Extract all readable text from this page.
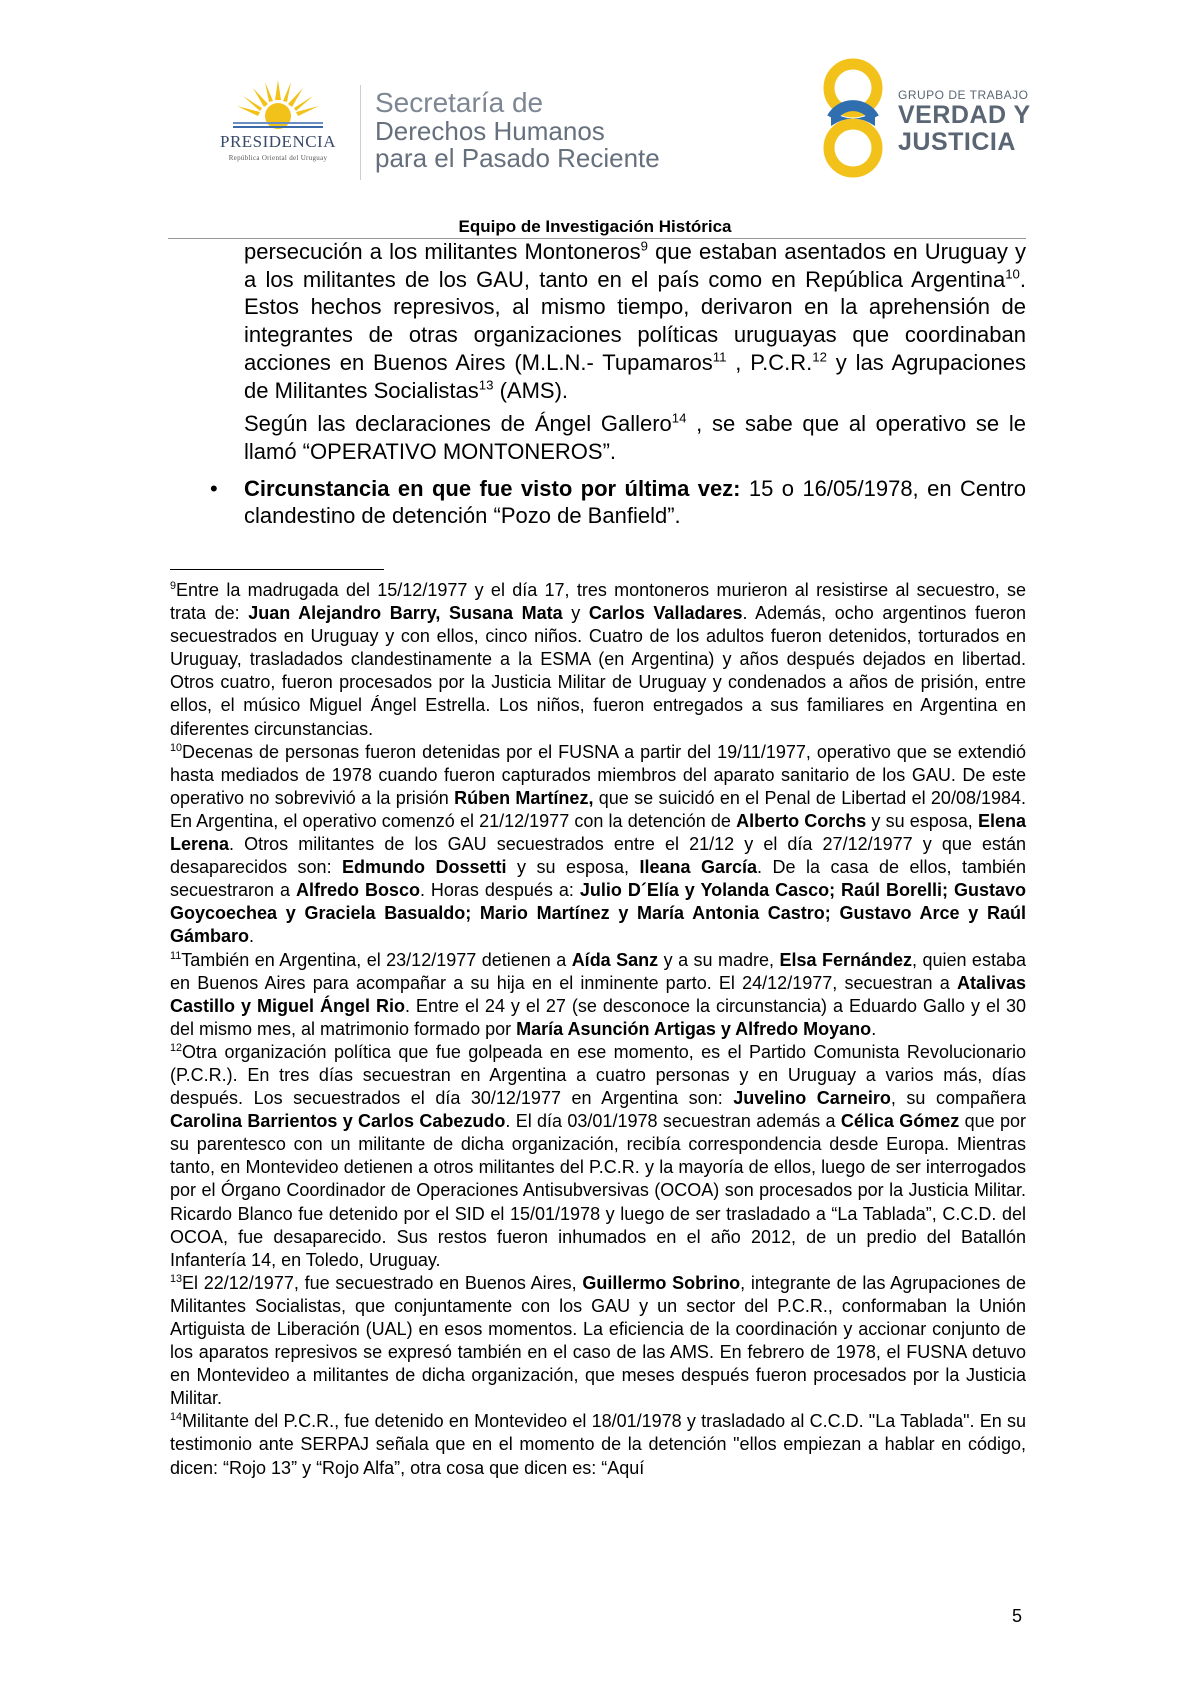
PRESIDENCIA
República Oriental del Uruguay
Secretaría de
Derechos Humanos
para el Pasado Reciente
GRUPO DE TRABAJO
VERDAD Y
JUSTICIA
Equipo de Investigación Histórica

persecución a los militantes Montoneros$^9$ que estaban asentados en Uruguay y a los militantes de los GAU, tanto en el país como en República Argentina$^{10}$. Estos hechos represivos, al mismo tiempo, derivaron en la aprehensión de integrantes de otras organizaciones políticas uruguayas que coordinaban acciones en Buenos Aires (M.L.N.- Tupamaros$^{11}$ , P.C.R.$^{12}$ y las Agrupaciones de Militantes Socialistas$^{13}$ (AMS).

Según las declaraciones de Ángel Gallero$^{14}$ , se sabe que al operativo se le llamó “OPERATIVO MONTONEROS”.

• Circunstancia en que fue visto por última vez: 15 o 16/05/1978, en Centro clandestino de detención “Pozo de Banfield”.

$^9$Entre la madrugada del 15/12/1977 y el día 17, tres montoneros murieron al resistirse al secuestro, se trata de: Juan Alejandro Barry, Susana Mata y Carlos Valladares. Además, ocho argentinos fueron secuestrados en Uruguay y con ellos, cinco niños. Cuatro de los adultos fueron detenidos, torturados en Uruguay, trasladados clandestinamente a la ESMA (en Argentina) y años después dejados en libertad. Otros cuatro, fueron procesados por la Justicia Militar de Uruguay y condenados a años de prisión, entre ellos, el músico Miguel Ángel Estrella. Los niños, fueron entregados a sus familiares en Argentina en diferentes circunstancias.

$^{10}$Decenas de personas fueron detenidas por el FUSNA a partir del 19/11/1977, operativo que se extendió hasta mediados de 1978 cuando fueron capturados miembros del aparato sanitario de los GAU. De este operativo no sobrevivió a la prisión Rúben Martínez, que se suicidó en el Penal de Libertad el 20/08/1984. En Argentina, el operativo comenzó el 21/12/1977 con la detención de Alberto Corchs y su esposa, Elena Lerena. Otros militantes de los GAU secuestrados entre el 21/12 y el día 27/12/1977 y que están desaparecidos son: Edmundo Dossetti y su esposa, Ileana García. De la casa de ellos, también secuestraron a Alfredo Bosco. Horas después a: Julio D´Elía y Yolanda Casco; Raúl Borelli; Gustavo Goycoechea y Graciela Basualdo; Mario Martínez y María Antonia Castro; Gustavo Arce y Raúl Gámbaro.

$^{11}$También en Argentina, el 23/12/1977 detienen a Aída Sanz y a su madre, Elsa Fernández, quien estaba en Buenos Aires para acompañar a su hija en el inminente parto. El 24/12/1977, secuestran a Atalivas Castillo y Miguel Ángel Rio. Entre el 24 y el 27 (se desconoce la circunstancia) a Eduardo Gallo y el 30 del mismo mes, al matrimonio formado por María Asunción Artigas y Alfredo Moyano.

$^{12}$Otra organización política que fue golpeada en ese momento, es el Partido Comunista Revolucionario (P.C.R.). En tres días secuestran en Argentina a cuatro personas y en Uruguay a varios más, días después. Los secuestrados el día 30/12/1977 en Argentina son: Juvelino Carneiro, su compañera Carolina Barrientos y Carlos Cabezudo. El día 03/01/1978 secuestran además a Célica Gómez que por su parentesco con un militante de dicha organización, recibía correspondencia desde Europa. Mientras tanto, en Montevideo detienen a otros militantes del P.C.R. y la mayoría de ellos, luego de ser interrogados por el Órgano Coordinador de Operaciones Antisubversivas (OCOA) son procesados por la Justicia Militar. Ricardo Blanco fue detenido por el SID el 15/01/1978 y luego de ser trasladado a “La Tablada”, C.C.D. del OCOA, fue desaparecido. Sus restos fueron inhumados en el año 2012, de un predio del Batallón Infantería 14, en Toledo, Uruguay.

$^{13}$El 22/12/1977, fue secuestrado en Buenos Aires, Guillermo Sobrino, integrante de las Agrupaciones de Militantes Socialistas, que conjuntamente con los GAU y un sector del P.C.R., conformaban la Unión Artiguista de Liberación (UAL) en esos momentos. La eficiencia de la coordinación y accionar conjunto de los aparatos represivos se expresó también en el caso de las AMS. En febrero de 1978, el FUSNA detuvo en Montevideo a militantes de dicha organización, que meses después fueron procesados por la Justicia Militar.

$^{14}$Militante del P.C.R., fue detenido en Montevideo el 18/01/1978 y trasladado al C.C.D. "La Tablada". En su testimonio ante SERPAJ señala que en el momento de la detención "ellos empiezan a hablar en código, dicen: “Rojo 13” y “Rojo Alfa”, otra cosa que dicen es: “Aquí

5
